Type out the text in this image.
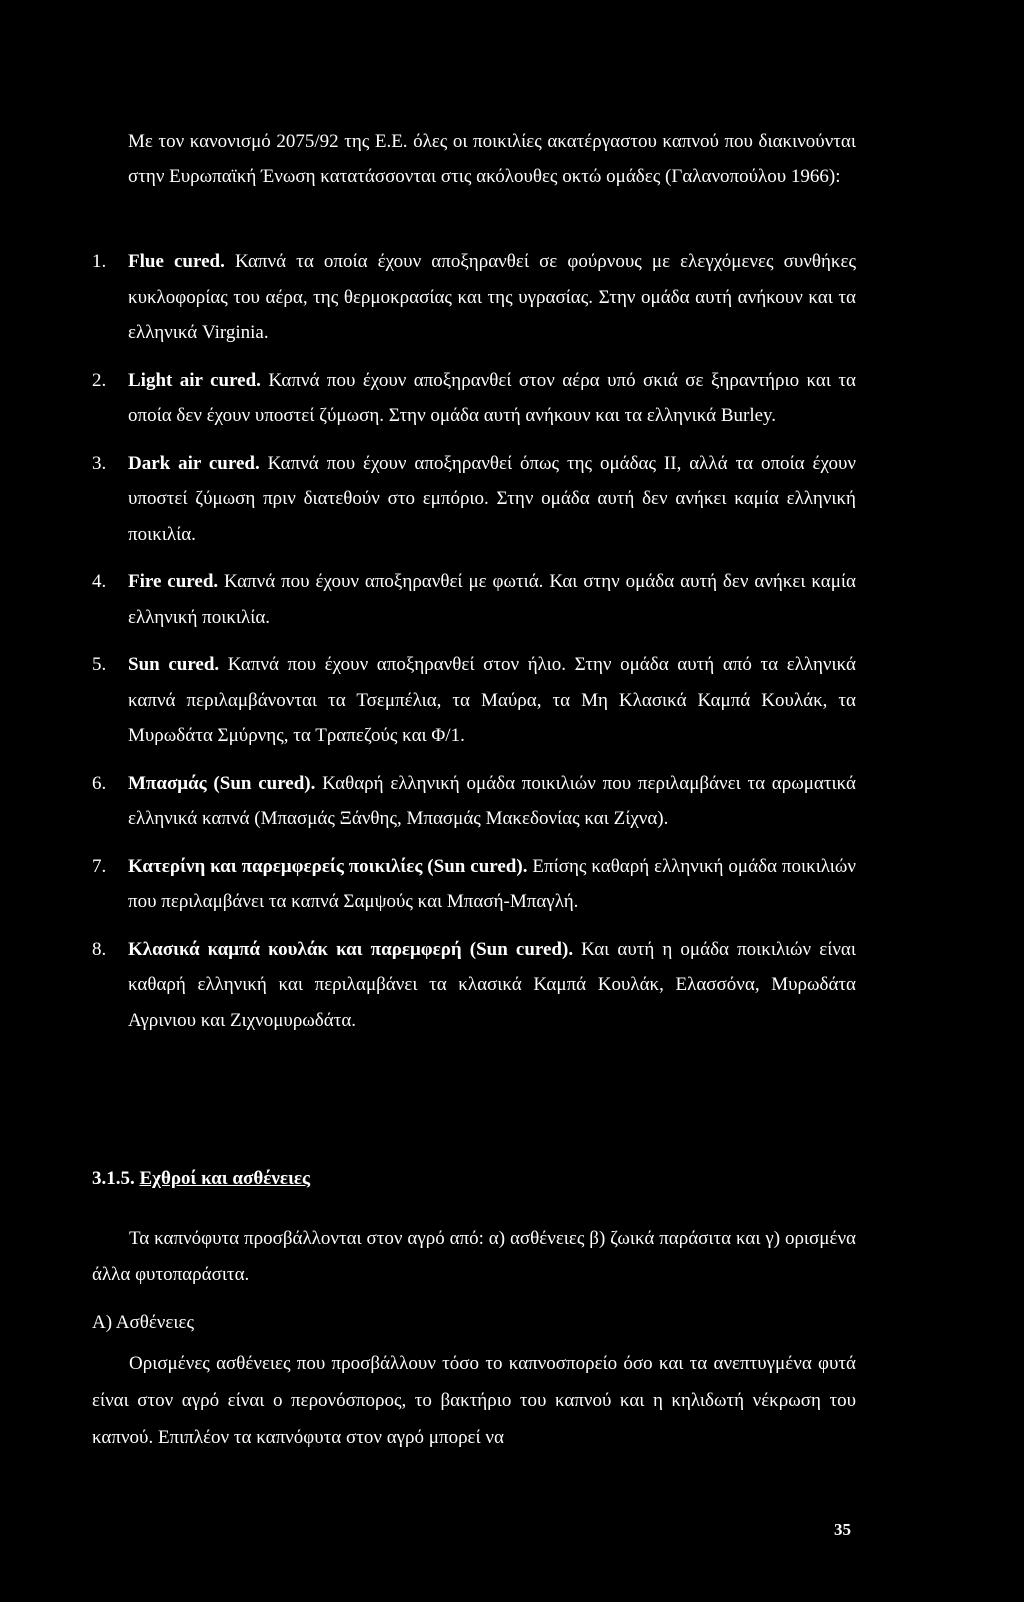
Με τον κανονισμό 2075/92 της Ε.Ε. όλες οι ποικιλίες ακατέργαστου καπνού που διακινούνται στην Ευρωπαϊκή Ένωση κατατάσσονται στις ακόλουθες οκτώ ομάδες (Γαλανοπούλου 1966):
1. Flue cured. Καπνά τα οποία έχουν αποξηρανθεί σε φούρνους με ελεγχόμενες συνθήκες κυκλοφορίας του αέρα, της θερμοκρασίας και της υγρασίας. Στην ομάδα αυτή ανήκουν και τα ελληνικά Virginia.
2. Light air cured. Καπνά που έχουν αποξηρανθεί στον αέρα υπό σκιά σε ξηραντήριο και τα οποία δεν έχουν υποστεί ζύμωση. Στην ομάδα αυτή ανήκουν και τα ελληνικά Burley.
3. Dark air cured. Καπνά που έχουν αποξηρανθεί όπως της ομάδας II, αλλά τα οποία έχουν υποστεί ζύμωση πριν διατεθούν στο εμπόριο. Στην ομάδα αυτή δεν ανήκει καμία ελληνική ποικιλία.
4. Fire cured. Καπνά που έχουν αποξηρανθεί με φωτιά. Και στην ομάδα αυτή δεν ανήκει καμία ελληνική ποικιλία.
5. Sun cured. Καπνά που έχουν αποξηρανθεί στον ήλιο. Στην ομάδα αυτή από τα ελληνικά καπνά περιλαμβάνονται τα Τσεμπέλια, τα Μαύρα, τα Μη Κλασικά Καμπά Κουλάκ, τα Μυρωδάτα Σμύρνης, τα Τραπεζούς και Φ/1.
6. Μπασμάς (Sun cured). Καθαρή ελληνική ομάδα ποικιλιών που περιλαμβάνει τα αρωματικά ελληνικά καπνά (Μπασμάς Ξάνθης, Μπασμάς Μακεδονίας και Ζίχνα).
7. Κατερίνη και παρεμφερείς ποικιλίες (Sun cured). Επίσης καθαρή ελληνική ομάδα ποικιλιών που περιλαμβάνει τα καπνά Σαμψούς και Μπασή-Μπαγλή.
8. Κλασικά καμπά κουλάκ και παρεμφερή (Sun cured). Και αυτή η ομάδα ποικιλιών είναι καθαρή ελληνική και περιλαμβάνει τα κλασικά Καμπά Κουλάκ, Ελασσόνα, Μυρωδάτα Αγρινιου και Ζιχνομυρωδάτα.
3.1.5. Εχθροί και ασθένειες
Τα καπνόφυτα προσβάλλονται στον αγρό από: α) ασθένειες β) ζωικά παράσιτα και γ) ορισμένα άλλα φυτοπαράσιτα.
Α) Ασθένειες
Ορισμένες ασθένειες που προσβάλλουν τόσο το καπνοσπορείο όσο και τα ανεπτυγμένα φυτά είναι στον αγρό είναι ο περονόσπορος, το βακτήριο του καπνού και η κηλιδωτή νέκρωση του καπνού. Επιπλέον τα καπνόφυτα στον αγρό μπορεί να
35
